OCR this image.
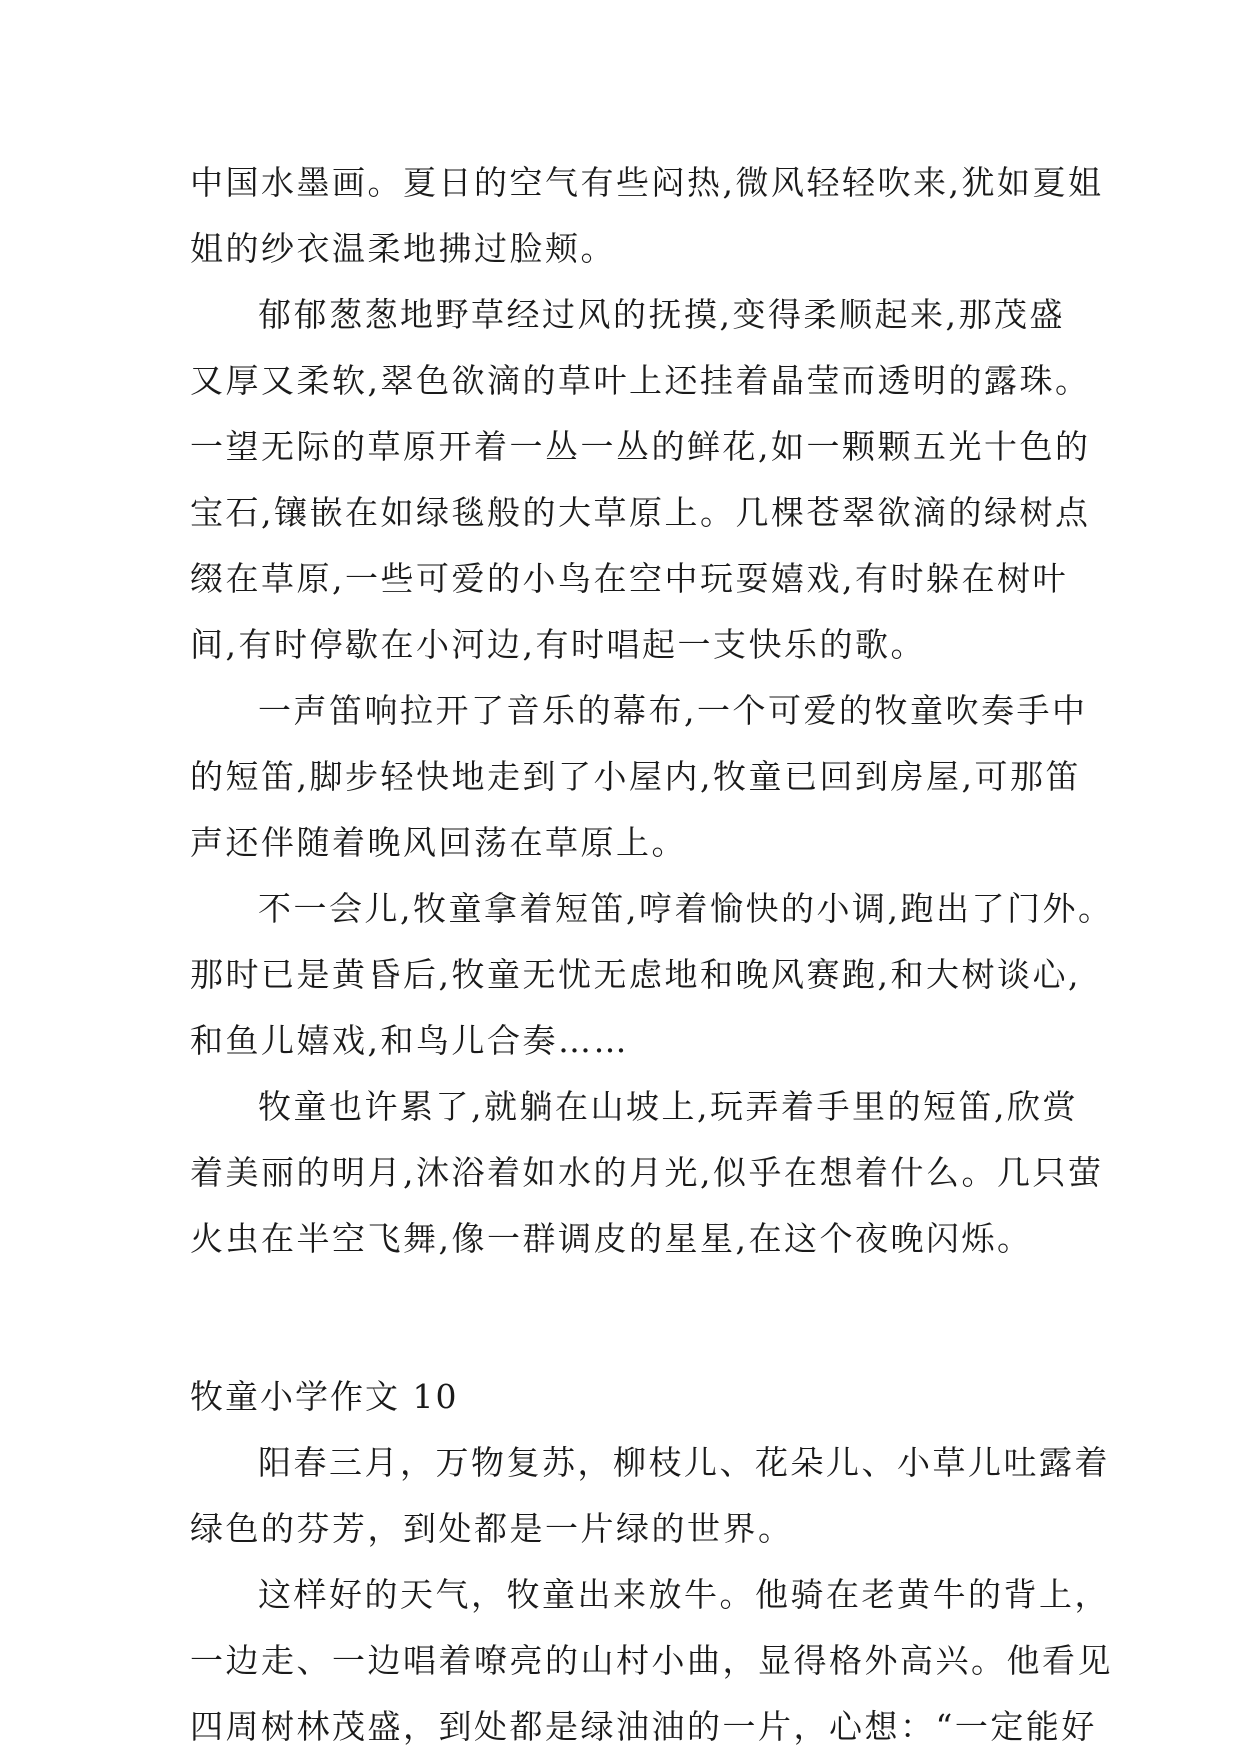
中国水墨画。夏日的空气有些闷热,微风轻轻吹来,犹如夏姐

姐的纱衣温柔地拂过脸颊。

郁郁葱葱地野草经过风的抚摸,变得柔顺起来,那茂盛

又厚又柔软,翠色欲滴的草叶上还挂着晶莹而透明的露珠。

一望无际的草原开着一丛一丛的鲜花,如一颗颗五光十色的

宝石,镶嵌在如绿毯般的大草原上。几棵苍翠欲滴的绿树点

缀在草原,一些可爱的小鸟在空中玩耍嬉戏,有时躲在树叶

间,有时停歇在小河边,有时唱起一支快乐的歌。

一声笛响拉开了音乐的幕布,一个可爱的牧童吹奏手中

的短笛,脚步轻快地走到了小屋内,牧童已回到房屋,可那笛

声还伴随着晚风回荡在草原上。

不一会儿,牧童拿着短笛,哼着愉快的小调,跑出了门外。

那时已是黄昏后,牧童无忧无虑地和晚风赛跑,和大树谈心,

和鱼儿嬉戏,和鸟儿合奏……

牧童也许累了,就躺在山坡上,玩弄着手里的短笛,欣赏

着美丽的明月,沐浴着如水的月光,似乎在想着什么。几只萤

火虫在半空飞舞,像一群调皮的星星,在这个夜晚闪烁。

牧童小学作文 10

阳春三月，万物复苏，柳枝儿、花朵儿、小草儿吐露着

绿色的芬芳，到处都是一片绿的世界。

这样好的天气，牧童出来放牛。他骑在老黄牛的背上，

一边走、一边唱着嘹亮的山村小曲，显得格外高兴。他看见

四周树林茂盛，到处都是绿油油的一片，心想：“一定能好
